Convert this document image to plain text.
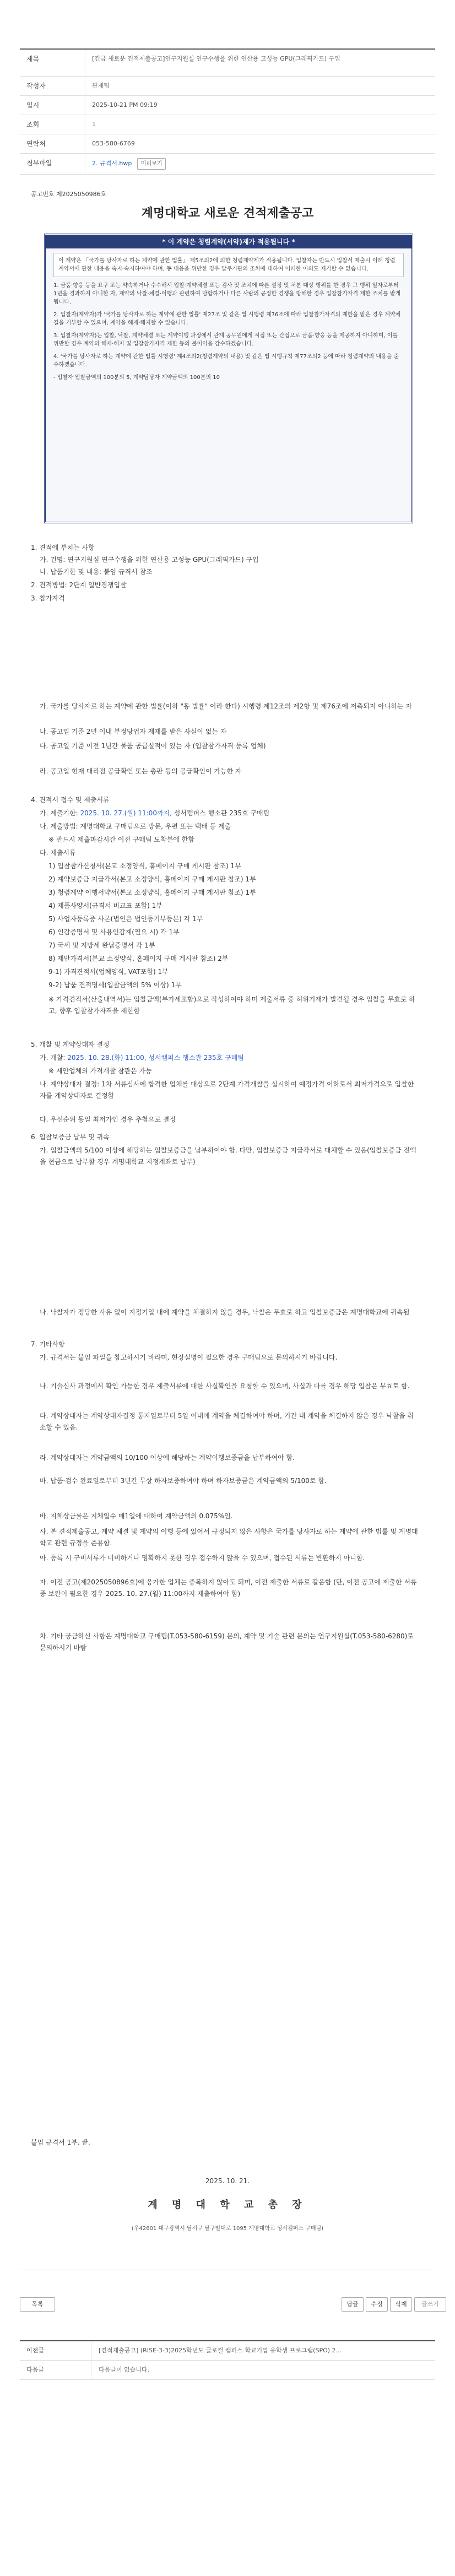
제목	[긴급 새로운 견적제출공고]연구지원실 연구수행을 위한 연산용 고성능 GPU(그래픽카드) 구입
작성자	관재팀
일시	2025-10-21 PM 09:19
조회	1
연락처	053-580-6769
첨부파일	2. 규격서.hwp 미리보기
공고번호 제2025050986호
계명대학교 새로운 견적제출공고
* 이 계약은 청렴계약(서약)제가 적용됩니다 *
이 계약은 「국가를 당사자로 하는 계약에 관한 법률」 제5조의2에 의한 청렴계약제가 적용됩니다. 입찰자는 반드시 입찰서 제출시 이래 청렴계약서에 관한 내용을 숙지·숙지하여야 하며, 동 내용을 위반한 경우 발주기관의 조치에 대하여 어떠한 이의도 제기할 수 없습니다.

1. 금품·향응 등을 요구 또는 약속하거나 수수해서 입찰·계약체결 또는 검사 및 조치에 따른 설정 및 처분 대상 행위를 한 경우 그 행위 일자로부터 1년을 경과하지 아니한 자, 계약의 낙찰·체결·이행과 관련하여 담합하거나 다른 사람의 공정한 경쟁을 방해한 경우 입찰참가자격 제한 조치를 받게 됩니다.

2. 입찰자(계약자)가 '국가를 당사자로 하는 계약에 관한 법률' 제27조 및 같은 법 시행령 제76조에 따라 입찰참가자격의 제한을 받은 경우 계약체결을 거부할 수 있으며, 계약을 해제·해지할 수 있습니다.

3. 입찰자(계약자)는 입찰, 낙찰, 계약체결 또는 계약이행 과정에서 관계 공무원에게 직접 또는 간접으로 금품·향응 등을 제공하지 아니하며, 이를 위반할 경우 계약의 해제·해지 및 입찰참가자격 제한 등의 불이익을 감수하겠습니다.

4. '국가를 당사자로 하는 계약에 관한 법률 시행령' 제4조의2(청렴계약의 내용) 및 같은 법 시행규칙 제77조의2 등에 따라 청렴계약의 내용을 준수하겠습니다.

- 입찰자 입찰금액의 100분의 5, 계약담당자 계약금액의 100분의 10

1. 견적에 부치는 사항
가. 건명: 연구지원실 연구수행을 위한 연산용 고성능 GPU(그래픽카드) 구입
나. 납품기한 및 내용: 붙임 규격서 참조
2. 견적방법: 2단계 일반경쟁입찰
3. 참가자격
가. 국가를 당사자로 하는 계약에 관한 법률(이하 "동 법률" 이라 한다) 시행령 제12조의 제2항 및 제76조에 저촉되지 아니하는 자
나. 공고일 기준 2년 이내 부정당업자 제재를 받은 사실이 없는 자
다. 공고일 기준 이전 1년간 물품 공급실적이 있는 자 (입찰참가자격 등록 업체)
라. 공고일 현재 대리점 공급확인 또는 총판 등의 공급확인이 가능한 자
4. 견적서 접수 및 제출서류
가. 제출기한: 2025. 10. 27.(월) 11:00까지, 성서캠퍼스 행소관 235호 구매팀
나. 제출방법: 계명대학교 구매팀으로 방문, 우편 또는 택배 등 제출
※ 반드시 제출마감시간 이전 구매팀 도착분에 한함
다. 제출서류
1) 입찰참가신청서(본교 소정양식, 홈페이지 구매 게시판 참조) 1부
2) 계약보증금 지급각서(본교 소정양식, 홈페이지 구매 게시판 참조) 1부
3) 청렴계약 이행서약서(본교 소정양식, 홈페이지 구매 게시판 참조) 1부
4) 제품사양서(규격서 비교표 포함) 1부
5) 사업자등록증 사본(법인은 법인등기부등본) 각 1부
6) 인감증명서 및 사용인감계(필요 시) 각 1부
7) 국세 및 지방세 완납증명서 각 1부
8) 제안가격서(본교 소정양식, 홈페이지 구매 게시판 참조) 2부
9-1) 가격견적서(업체양식, VAT포함) 1부
9-2) 납품 견적명세(입찰금액의 5% 이상) 1부
※ 가격견적서(산출내역서)는 입찰금액(부가세포함)으로 작성하여야 하며 제출서류 중 허위기재가 발견될 경우 입찰을 무효로 하고, 향후 입찰참가자격을 제한함
5. 개찰 및 계약상대자 결정
가. 개찰: 2025. 10. 28.(화) 11:00, 성서캠퍼스 행소관 235호 구매팀
※ 제안업체의 가격개찰 참관은 가능
나. 계약상대자 결정: 1차 서류심사에 합격한 업체를 대상으로 2단계 가격개찰을 실시하여 예정가격 이하로서 최저가격으로 입찰한 자를 계약상대자로 결정함
다. 우선순위 동일 최저가인 경우 추첨으로 결정
6. 입찰보증금 납부 및 귀속
가. 입찰금액의 5/100 이상에 해당하는 입찰보증금을 납부하여야 함. 다만, 입찰보증금 지급각서로 대체할 수 있음(입찰보증금 전액을 현금으로 납부할 경우 계명대학교 지정계좌로 납부)
나. 낙찰자가 정당한 사유 없이 지정기일 내에 계약을 체결하지 않을 경우, 낙찰은 무효로 하고 입찰보증금은 계명대학교에 귀속됨
7. 기타사항
가. 규격서는 붙임 파일을 참고하시기 바라며, 현장설명이 필요한 경우 구매팀으로 문의하시기 바랍니다.
나. 기술심사 과정에서 확인 가능한 경우 제출서류에 대한 사실확인을 요청할 수 있으며, 사실과 다를 경우 해당 입찰은 무효로 함.
다. 계약상대자는 계약상대자결정 통지일로부터 5일 이내에 계약을 체결하여야 하며, 기간 내 계약을 체결하지 않은 경우 낙찰을 취소할 수 있음.
라. 계약상대자는 계약금액의 10/100 이상에 해당하는 계약이행보증금을 납부하여야 함.
마. 납품·검수 완료일로부터 3년간 무상 하자보증하여야 하며 하자보증금은 계약금액의 5/100로 함.
바. 지체상금률은 지체일수 매1일에 대하여 계약금액의 0.075%임.
사. 본 견적제출공고, 계약 체결 및 계약의 이행 등에 있어서 규정되지 않은 사항은 국가를 당사자로 하는 계약에 관한 법률 및 계명대학교 관련 규정을 준용함.
아. 등록 시 구비서류가 미비하거나 명확하지 못한 경우 접수하지 않을 수 있으며, 접수된 서류는 반환하지 아니함.
자. 이전 공고(제2025050896호)에 응가한 업체는 중복하지 않아도 되며, 이전 제출한 서류로 갈음함 (단, 이전 공고에 제출한 서류 중 보완이 필요한 경우 2025. 10. 27.(월) 11:00까지 제출하여야 함)
차. 기타 궁금하신 사항은 계명대학교 구매팀(T.053-580-6159) 문의, 계약 및 기술 관련 문의는 연구지원실(T.053-580-6280)로 문의하시기 바람
붙임 규격서 1부. 끝.
2025. 10. 21.
계 명 대 학 교 총 장
(우42601 대구광역시 달서구 달구벌대로 1095 계명대학교 성서캠퍼스 구매팀)
목록	답글	수정	삭제	글쓰기
이전글	[견적제출공고] (RISE-3-3)2025학년도 글로컬 캠퍼스 학교기업 유학생 프로그램(SPO) 2...
다음글	다음글이 없습니다.
